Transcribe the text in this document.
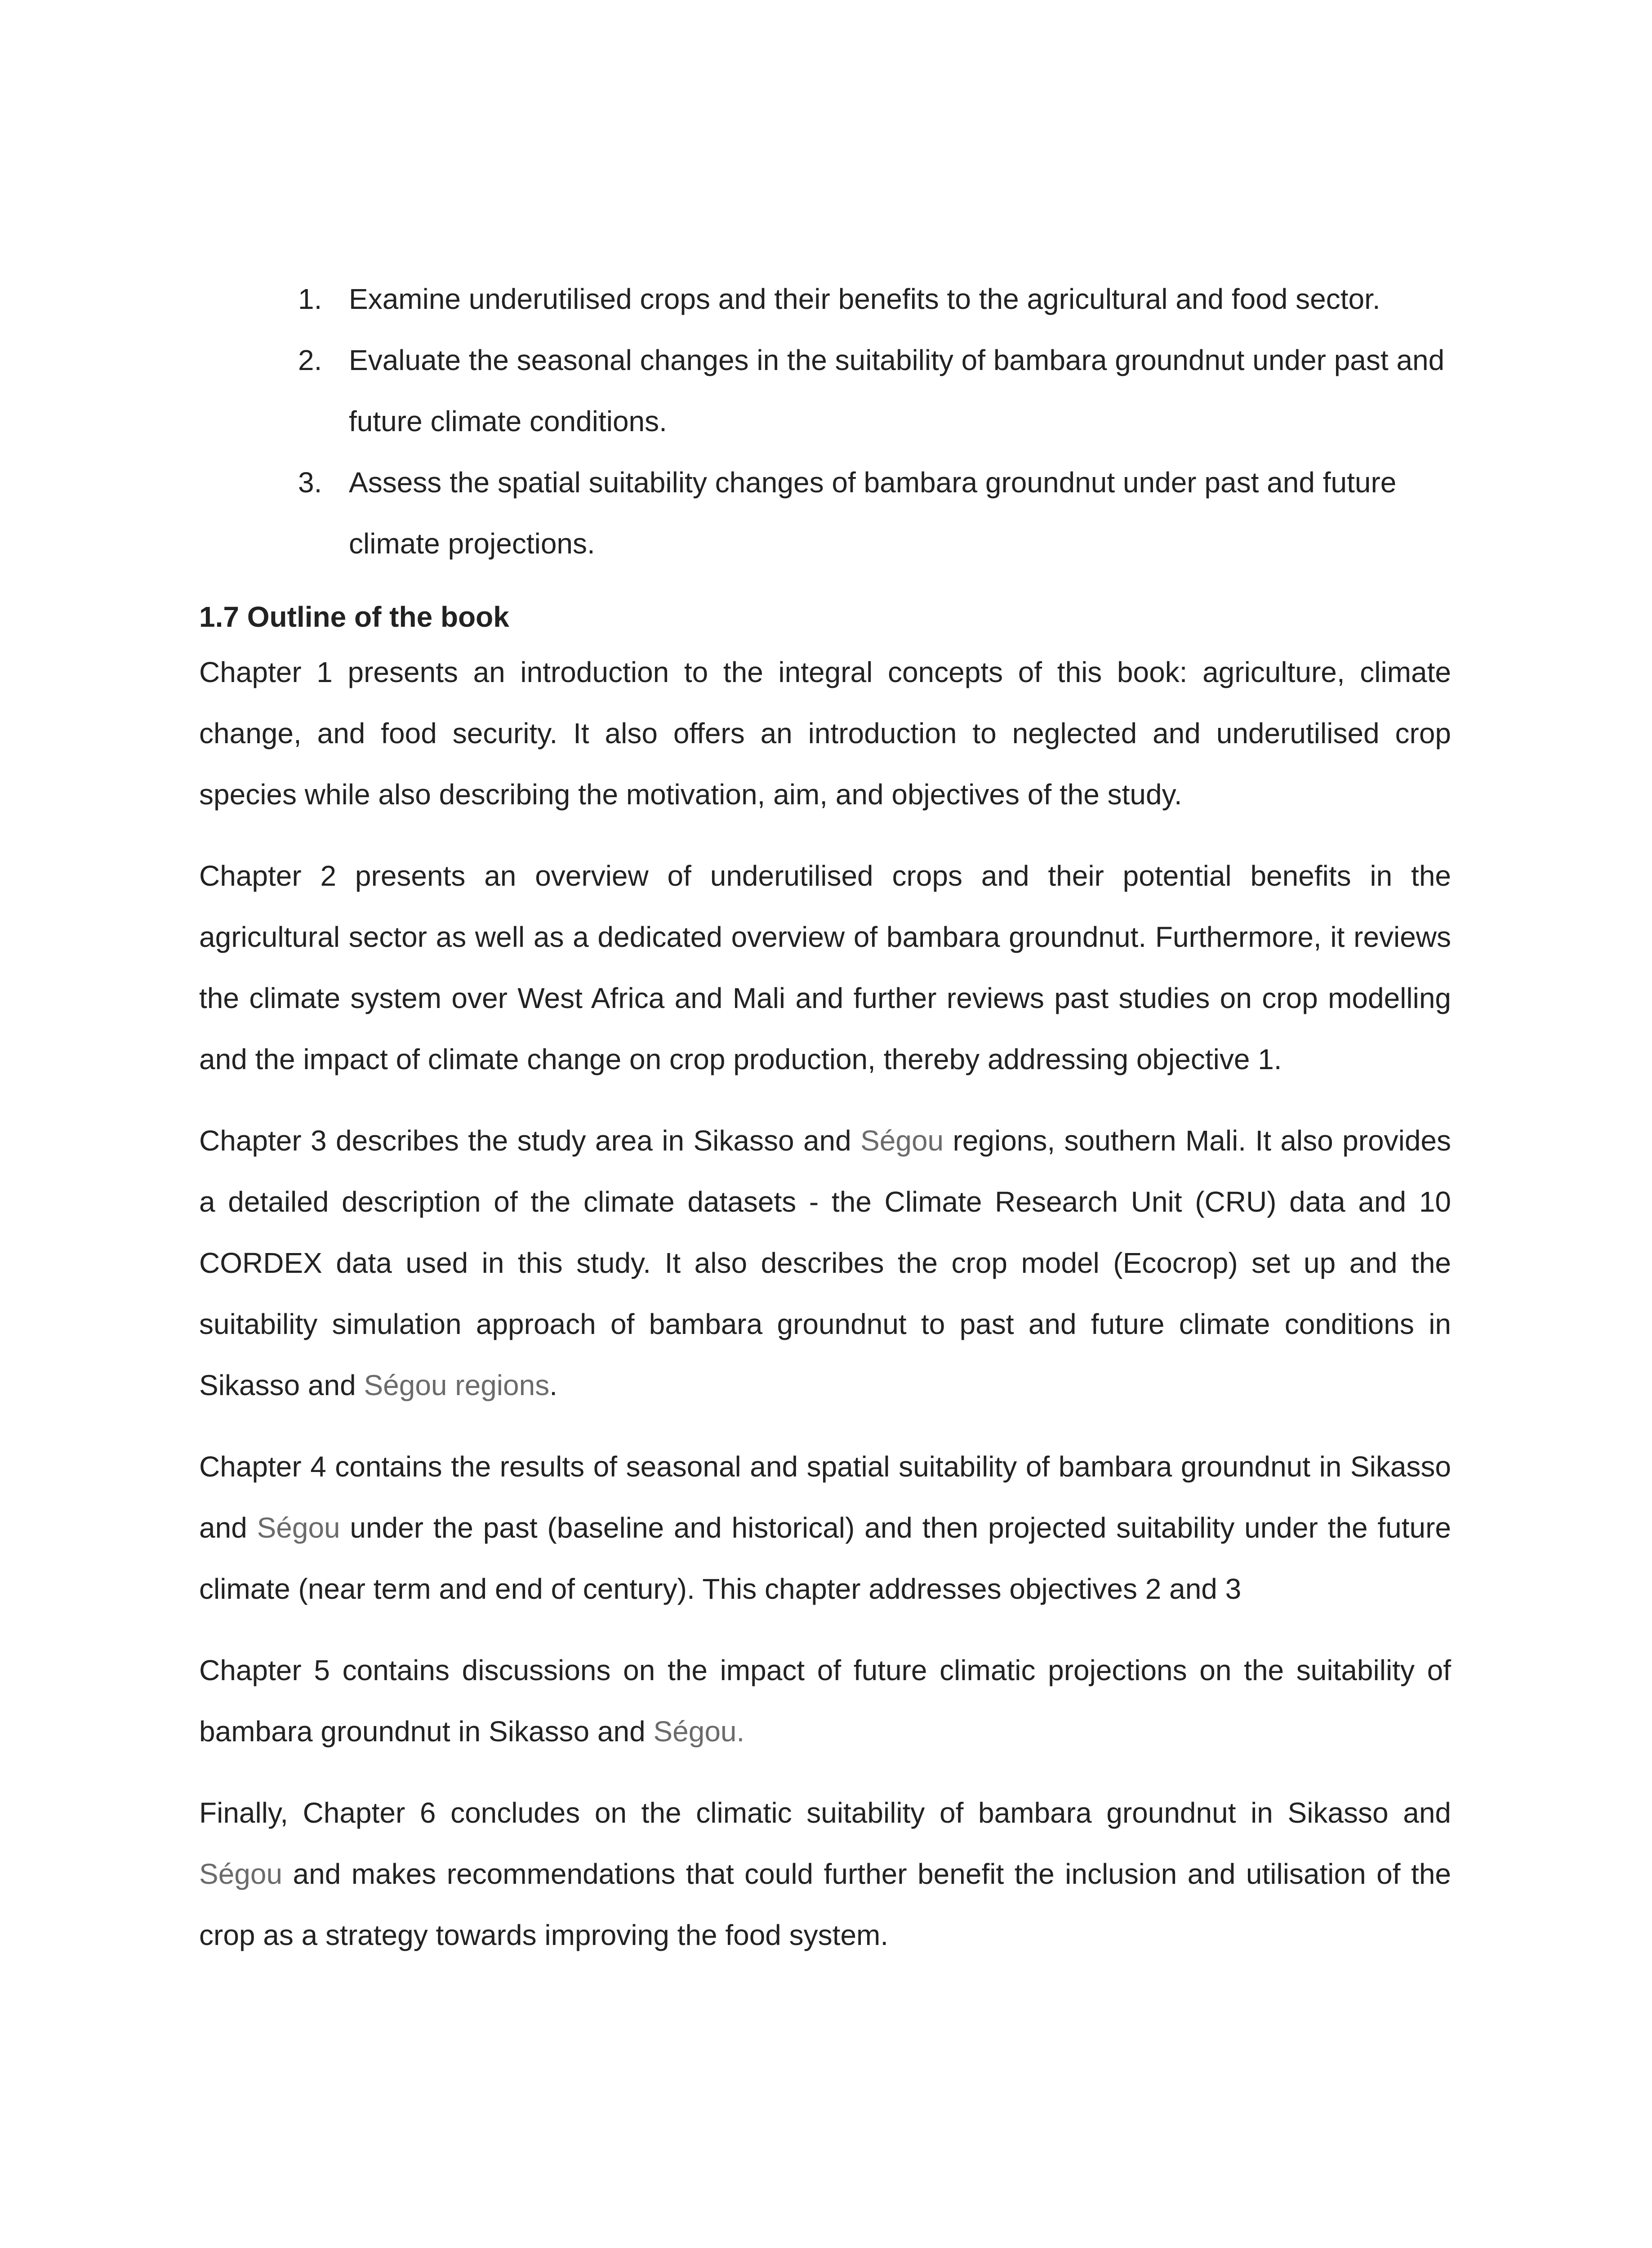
1. Examine underutilised crops and their benefits to the agricultural and food sector.
2. Evaluate the seasonal changes in the suitability of bambara groundnut under past and future climate conditions.
3. Assess the spatial suitability changes of bambara groundnut under past and future climate projections.
1.7 Outline of the book

Chapter 1 presents an introduction to the integral concepts of this book: agriculture, climate change, and food security. It also offers an introduction to neglected and underutilised crop species while also describing the motivation, aim, and objectives of the study.

Chapter 2 presents an overview of underutilised crops and their potential benefits in the agricultural sector as well as a dedicated overview of bambara groundnut. Furthermore, it reviews the climate system over West Africa and Mali and further reviews past studies on crop modelling and the impact of climate change on crop production, thereby addressing objective 1.

Chapter 3 describes the study area in Sikasso and Ségou regions, southern Mali. It also provides a detailed description of the climate datasets - the Climate Research Unit (CRU) data and 10 CORDEX data used in this study. It also describes the crop model (Ecocrop) set up and the suitability simulation approach of bambara groundnut to past and future climate conditions in Sikasso and Ségou regions.

Chapter 4 contains the results of seasonal and spatial suitability of bambara groundnut in Sikasso and Ségou under the past (baseline and historical) and then projected suitability under the future climate (near term and end of century). This chapter addresses objectives 2 and 3

Chapter 5 contains discussions on the impact of future climatic projections on the suitability of bambara groundnut in Sikasso and Ségou.

Finally, Chapter 6 concludes on the climatic suitability of bambara groundnut in Sikasso and Ségou and makes recommendations that could further benefit the inclusion and utilisation of the crop as a strategy towards improving the food system.
